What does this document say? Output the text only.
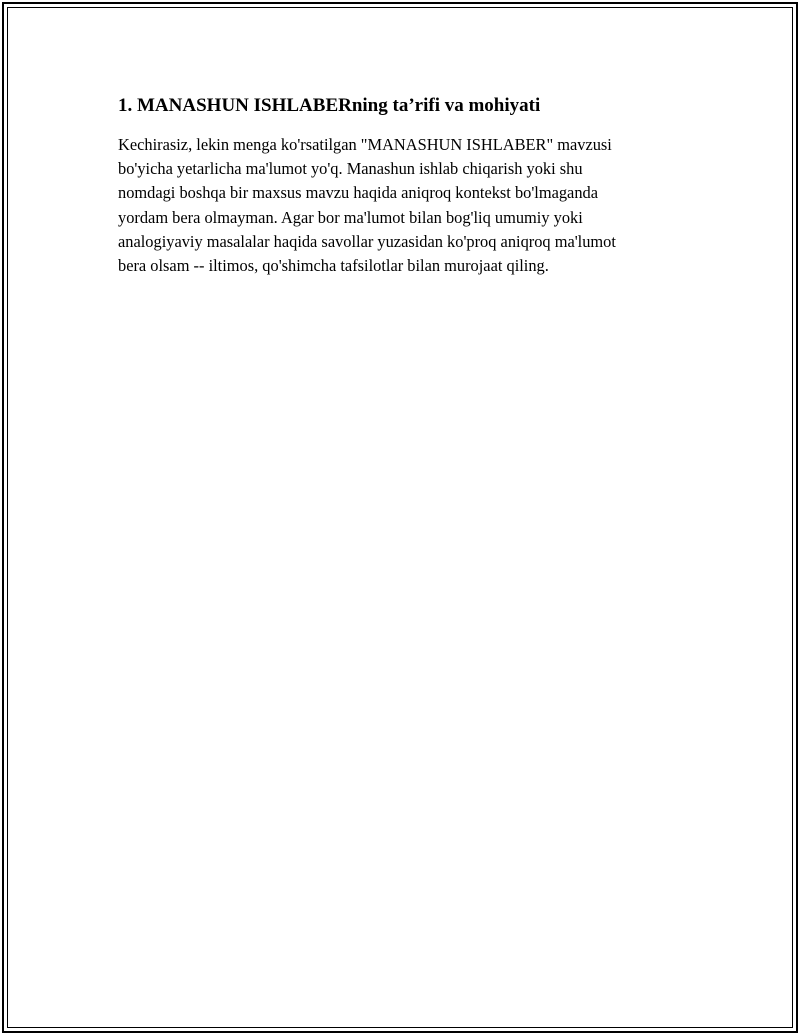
1. MANASHUN ISHLABERning ta’rifi va mohiyati

Kechirasiz, lekin menga ko'rsatilgan "MANASHUN ISHLABER" mavzusi
bo'yicha yetarlicha ma'lumot yo'q. Manashun ishlab chiqarish yoki shu
nomdagi boshqa bir maxsus mavzu haqida aniqroq kontekst bo'lmaganda
yordam bera olmayman. Agar bor ma'lumot bilan bog'liq umumiy yoki
analogiyaviy masalalar haqida savollar yuzasidan ko'proq aniqroq ma'lumot
bera olsam -- iltimos, qo'shimcha tafsilotlar bilan murojaat qiling.
